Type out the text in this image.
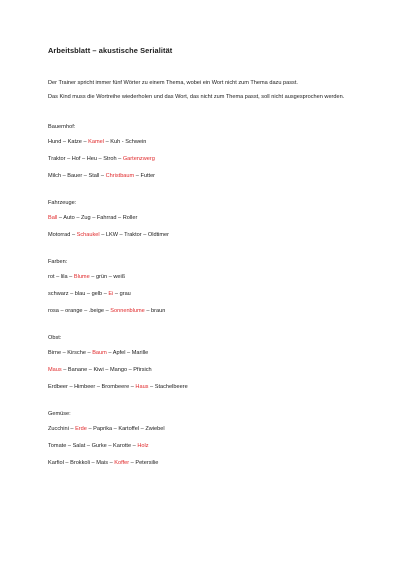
Arbeitsblatt – akustische Serialität

Der Trainer spricht immer fünf Wörter zu einem Thema, wobei ein Wort nicht zum Thema dazu passt.

Das Kind muss die Wortreihe wiederholen und das Wort, das nicht zum Thema passt, soll nicht ausgesprochen werden.

Bauernhof:
Hund – Katze – Kamel – Kuh - Schwein
Traktor – Hof – Heu – Stroh – Gartenzwerg
Milch – Bauer – Stall – Christbaum – Futter
Fahrzeuge:
Ball – Auto – Zug – Fahrrad – Roller
Motorrad – Schaukel – LKW – Traktor – Oldtimer
Farben:
rot – lila – Blume – grün – weiß
schwarz – blau – gelb – Ei – grau
rosa – orange – .beige – Sonnenblume – braun
Obst:
Birne – Kirsche – Baum – Apfel – Marille
Maus – Banane – Kiwi – Mango – Pfirsich
Erdbeer – Himbeer – Brombeere – Haus – Stachelbeere
Gemüse:
Zucchini – Erde – Paprika – Kartoffel – Zwiebel
Tomate – Salat – Gurke – Karotte – Holz
Karfiol – Brokkoli – Mais – Koffer – Petersilie
